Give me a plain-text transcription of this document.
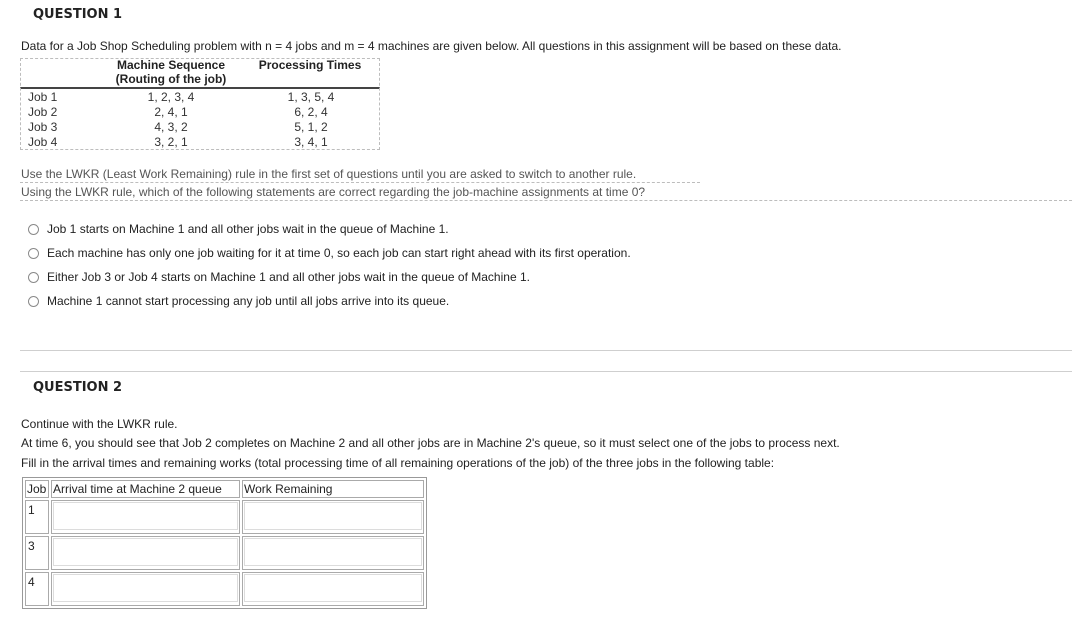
QUESTION 1
Data for a Job Shop Scheduling problem with n = 4 jobs and m = 4 machines are given below. All questions in this assignment will be based on these data.
Machine Sequence
(Routing of the job)
Processing Times
Job 1	1, 2, 3, 4	1, 3, 5, 4
Job 2	2, 4, 1	6, 2, 4
Job 3	4, 3, 2	5, 1, 2
Job 4	3, 2, 1	3, 4, 1
Use the LWKR (Least Work Remaining) rule in the first set of questions until you are asked to switch to another rule.
Using the LWKR rule, which of the following statements are correct regarding the job-machine assignments at time 0?
Job 1 starts on Machine 1 and all other jobs wait in the queue of Machine 1.
Each machine has only one job waiting for it at time 0, so each job can start right ahead with its first operation.
Either Job 3 or Job 4 starts on Machine 1 and all other jobs wait in the queue of Machine 1.
Machine 1 cannot start processing any job until all jobs arrive into its queue.
QUESTION 2
Continue with the LWKR rule.
At time 6, you should see that Job 2 completes on Machine 2 and all other jobs are in Machine 2's queue, so it must select one of the jobs to process next.
Fill in the arrival times and remaining works (total processing time of all remaining operations of the job) of the three jobs in the following table:
Job	Arrival time at Machine 2 queue	Work Remaining
1	

3	

4	
